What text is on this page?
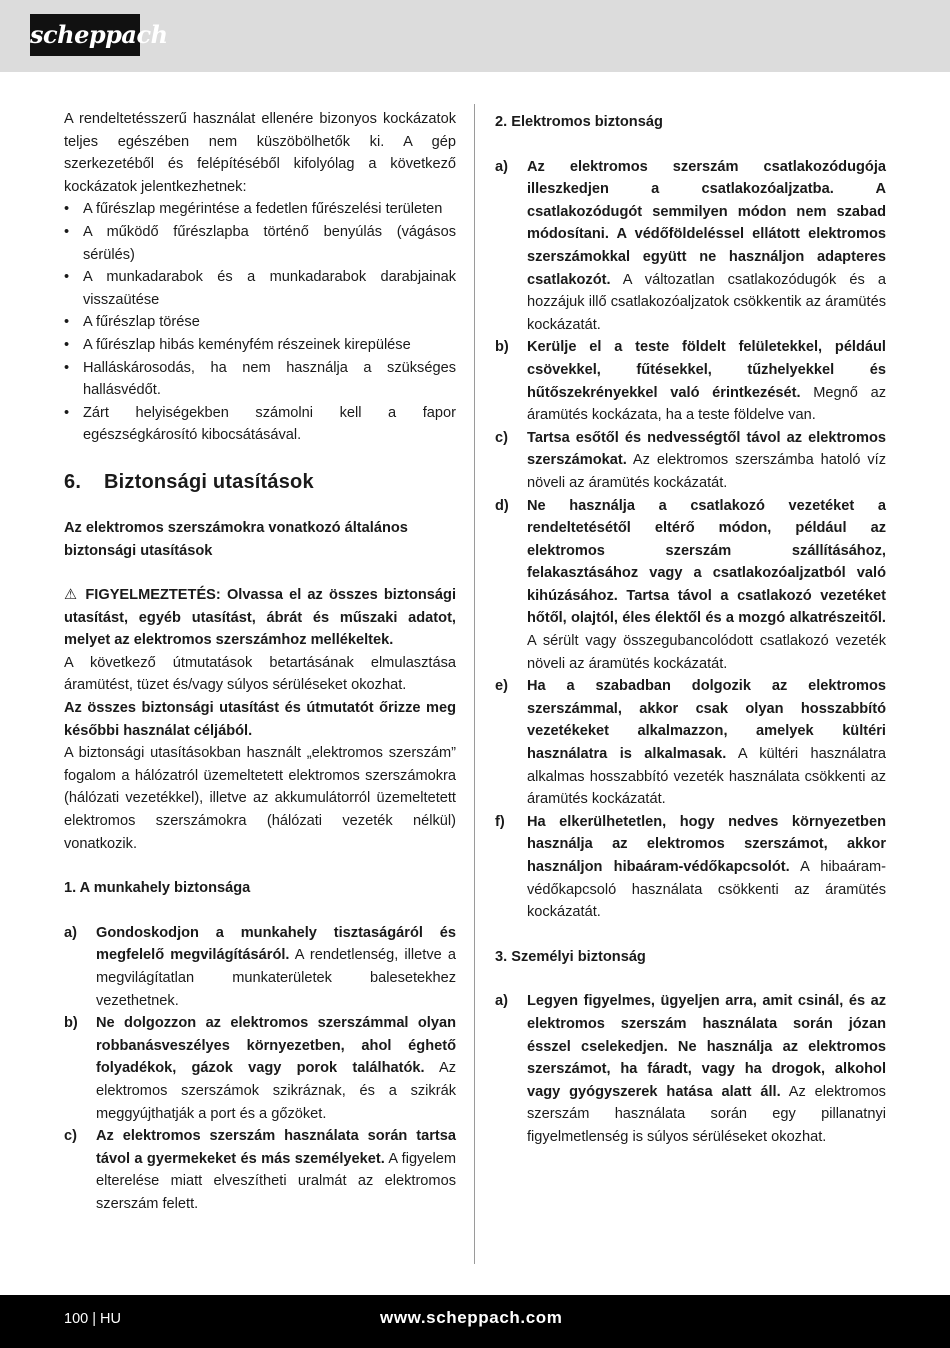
scheppach

A rendeltetésszerű használat ellenére bizonyos kockázatok teljes egészében nem küszöbölhetők ki. A gép szerkezetéből és felépítéséből kifolyólag a következő kockázatok jelentkezhetnek:

• A fűrészlap megérintése a fedetlen fűrészelési területen
• A működő fűrészlapba történő benyúlás (vágásos sérülés)
• A munkadarabok és a munkadarabok darabjainak visszaütése
• A fűrészlap törése
• A fűrészlap hibás keményfém részeinek kirepülése
• Halláskárosodás, ha nem használja a szükséges hallásvédőt.
• Zárt helyiségekben számolni kell a fapor egészségkárosító kibocsátásával.
6. Biztonsági utasítások

Az elektromos szerszámokra vonatkozó általános biztonsági utasítások

⚠ FIGYELMEZTETÉS: Olvassa el az összes biztonsági utasítást, egyéb utasítást, ábrát és műszaki adatot, melyet az elektromos szerszámhoz mellékeltek.

A következő útmutatások betartásának elmulasztása áramütést, tüzet és/vagy súlyos sérüléseket okozhat.

Az összes biztonsági utasítást és útmutatót őrizze meg későbbi használat céljából.

A biztonsági utasításokban használt „elektromos szerszám” fogalom a hálózatról üzemeltetett elektromos szerszámokra (hálózati vezetékkel), illetve az akkumulátorról üzemeltetett elektromos szerszámokra (hálózati vezeték nélkül) vonatkozik.

1. A munkahely biztonsága
a) Gondoskodjon a munkahely tisztaságáról és megfelelő megvilágításáról. A rendetlenség, illetve a megvilágítatlan munkaterületek balesetekhez vezethetnek.
b) Ne dolgozzon az elektromos szerszámmal olyan robbanásveszélyes környezetben, ahol éghető folyadékok, gázok vagy porok találhatók. Az elektromos szerszámok szikráznak, és a szikrák meggyújthatják a port és a gőzöket.
c) Az elektromos szerszám használata során tartsa távol a gyermekeket és más személyeket. A figyelem elterelése miatt elveszítheti uralmát az elektromos szerszám felett.
2. Elektromos biztonság
a) Az elektromos szerszám csatlakozódugója illeszkedjen a csatlakozóaljzatba. A csatlakozódugót semmilyen módon nem szabad módosítani. A védőföldeléssel ellátott elektromos szerszámokkal együtt ne használjon adapteres csatlakozót. A változatlan csatlakozódugók és a hozzájuk illő csatlakozóaljzatok csökkentik az áramütés kockázatát.
b) Kerülje el a teste földelt felületekkel, például csövekkel, fűtésekkel, tűzhelyekkel és hűtőszekrényekkel való érintkezését. Megnő az áramütés kockázata, ha a teste földelve van.
c) Tartsa esőtől és nedvességtől távol az elektromos szerszámokat. Az elektromos szerszámba hatoló víz növeli az áramütés kockázatát.
d) Ne használja a csatlakozó vezetéket a rendeltetésétől eltérő módon, például az elektromos szerszám szállításához, felakasztásához vagy a csatlakozóaljzatból való kihúzásához. Tartsa távol a csatlakozó vezetéket hőtől, olajtól, éles élektől és a mozgó alkatrészeitől. A sérült vagy összegubancolódott csatlakozó vezeték növeli az áramütés kockázatát.
e) Ha a szabadban dolgozik az elektromos szerszámmal, akkor csak olyan hosszabbító vezetékeket alkalmazzon, amelyek kültéri használatra is alkalmasak. A kültéri használatra alkalmas hosszabbító vezeték használata csökkenti az áramütés kockázatát.
f) Ha elkerülhetetlen, hogy nedves környezetben használja az elektromos szerszámot, akkor használjon hibaáram-védőkapcsolót. A hibaáram-védőkapcsoló használata csökkenti az áramütés kockázatát.
3. Személyi biztonság
a) Legyen figyelmes, ügyeljen arra, amit csinál, és az elektromos szerszám használata során józan ésszel cselekedjen. Ne használja az elektromos szerszámot, ha fáradt, vagy ha drogok, alkohol vagy gyógyszerek hatása alatt áll. Az elektromos szerszám használata során egy pillanatnyi figyelmetlenség is súlyos sérüléseket okozhat.
100 | HU	www.scheppach.com
